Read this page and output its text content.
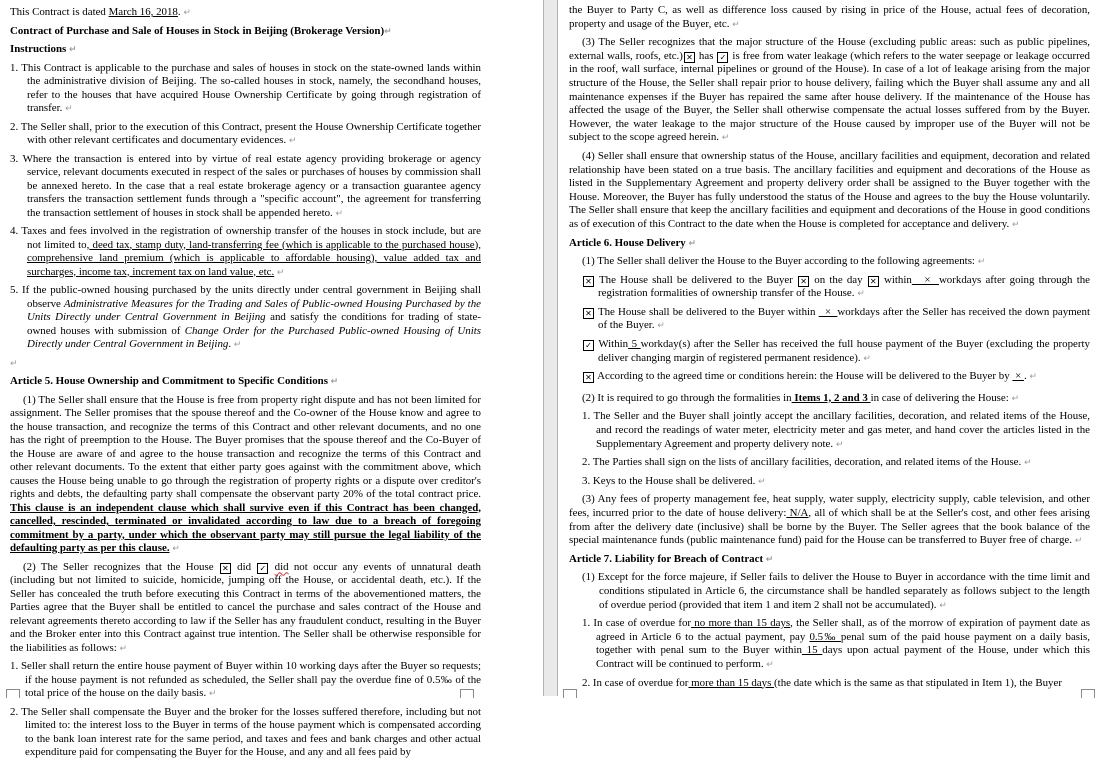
This Contract is dated March 16, 2018. ↵
Contract of Purchase and Sale of Houses in Stock in Beijing (Brokerage Version)↵
Instructions ↵
1. This Contract is applicable to the purchase and sales of houses in stock on the state-owned lands within the administrative division of Beijing. The so-called houses in stock, namely, the secondhand houses, refer to the houses that have acquired House Ownership Certificate by going through registration of transfer. ↵
2. The Seller shall, prior to the execution of this Contract, present the House Ownership Certificate together with other relevant certificates and documentary evidences. ↵
3. Where the transaction is entered into by virtue of real estate agency providing brokerage or agency service, relevant documents executed in respect of the sales or purchases of houses by commission shall be annexed hereto. In the case that a real estate brokerage agency or a transaction guarantee agency transfers the transaction settlement funds through a "specific account", the agreement for transferring the transaction settlement of houses in stock shall be appended hereto. ↵
4. Taxes and fees involved in the registration of ownership transfer of the houses in stock include, but are not limited to, deed tax, stamp duty, land-transferring fee (which is applicable to the purchased house), comprehensive land premium (which is applicable to affordable housing), value added tax and surcharges, income tax, increment tax on land value, etc. ↵
5. If the public-owned housing purchased by the units directly under central government in Beijing shall observe Administrative Measures for the Trading and Sales of Public-owned Housing Purchased by the Units Directly under Central Government in Beijing and satisfy the conditions for trading of state-owned houses with submission of Change Order for the Purchased Public-owned Housing of Units Directly under Central Government in Beijing. ↵
↵
Article 5. House Ownership and Commitment to Specific Conditions ↵
(1) The Seller shall ensure that the House is free from property right dispute and has not been limited for assignment. The Seller promises that the spouse thereof and the Co-owner of the House know and agree to the house transaction, and recognize the terms of this Contract and other relevant documents, and no one has the right of preemption to the House. The Buyer promises that the spouse thereof and the Co-Buyer of the House are aware of and agree to the house transaction and recognize the terms of this Contract and other relevant documents. To the extent that either party goes against with the commitment above, which causes the House being unable to go through the registration of property rights or a dispute over creditor's rights and debts, the defaulting party shall compensate the observant party 20% of the total contract price. This clause is an independent clause which shall survive even if this Contract has been changed, cancelled, rescinded, terminated or invalidated according to law due to a breach of foregoing commitment by a party, under which the observant party may still pursue the legal liability of the defaulting party as per this clause. ↵
(2) The Seller recognizes that the House ✕ did ✓ did not occur any events of unnatural death (including but not limited to suicide, homicide, jumping off the House, or accidental death, etc.). If the Seller has concealed the truth before executing this Contract in terms of the abovementioned matters, the Parties agree that the Buyer shall be entitled to cancel the purchase and sales contract of the House and relevant agreements thereto according to law if the Seller has any fraudulent conduct, resulting in the Buyer and the Broker enter into this Contract against true intention. The Seller shall be otherwise responsible for the liabilities as follows: ↵
1. Seller shall return the entire house payment of Buyer within 10 working days after the Buyer so requests; if the house payment is not refunded as scheduled, the Seller shall pay the overdue fine of 0.5‰ of the total price of the house on the daily basis. ↵
2. The Seller shall compensate the Buyer and the broker for the losses suffered therefore, including but not limited to: the interest loss to the Buyer in terms of the house payment which is compensated according to the bank loan interest rate for the same period, and taxes and fees and bank charges and other actual expenditure paid for compensating the Buyer for the House, and any and all fees paid by
the Buyer to Party C, as well as difference loss caused by rising in price of the House, actual fees of decoration, property and usage of the Buyer, etc. ↵
(3) The Seller recognizes that the major structure of the House (excluding public areas: such as public pipelines, external walls, roofs, etc.) ✕ has ✓ is free from water leakage (which refers to the water seepage or leakage occurred in the roof, wall surface, internal pipelines or ground of the House). In case of a lot of leakage arising from the major structure of the House, the Seller shall repair prior to house delivery, failing which the Buyer shall assume any and all maintenance expenses if the Buyer has repaired the same after house delivery. If the maintenance of the House has affected the usage of the Buyer, the Seller shall otherwise compensate the actual losses suffered from by the Buyer. However, the water leakage to the major structure of the House caused by improper use of the Buyer will not be subject to the scope agreed herein. ↵
(4) Seller shall ensure that ownership status of the House, ancillary facilities and equipment, decoration and related relationship have been stated on a true basis. The ancillary facilities and equipment and decorations of the House as listed in the Supplementary Agreement and property delivery order shall be assigned to the Buyer together with the House. Moreover, the Buyer has fully understood the status of the House and agrees to the buy the House voluntarily. The Seller shall ensure that keep the ancillary facilities and equipment and decorations of the House in good conditions as of execution of this Contract to the date when the House is completed for acceptance and delivery. ↵
Article 6. House Delivery ↵
(1) The Seller shall deliver the House to the Buyer according to the following agreements: ↵
✕ The House shall be delivered to the Buyer ✕ on the day ✕ within   ×  workdays after going through the registration formalities of ownership transfer of the House. ↵
✕ The House shall be delivered to the Buyer within   ×  workdays after the Seller has received the down payment of the Buyer. ↵
✓ Within 5 workday(s) after the Seller has received the full house payment of the Buyer (excluding the property deliver changing margin of registered permanent residence). ↵
✕ According to the agreed time or conditions herein: the House will be delivered to the Buyer by  × . ↵
(2) It is required to go through the formalities in Items 1, 2 and 3 in case of delivering the House: ↵
1. The Seller and the Buyer shall jointly accept the ancillary facilities, decoration, and related items of the House, and record the readings of water meter, electricity meter and gas meter, and hand cover the articles listed in the Supplementary Agreement and property delivery note. ↵
2. The Parties shall sign on the lists of ancillary facilities, decoration, and related items of the House. ↵
3. Keys to the House shall be delivered. ↵
(3) Any fees of property management fee, heat supply, water supply, electricity supply, cable television, and other fees, incurred prior to the date of house delivery: N/A, all of which shall be at the Seller's cost, and other fees arising from after the delivery date (inclusive) shall be borne by the Buyer. The Seller agrees that the book balance of the special maintenance funds (public maintenance fund) paid for the House can be transferred to Buyer free of charge. ↵
Article 7. Liability for Breach of Contract ↵
(1) Except for the force majeure, if Seller fails to deliver the House to Buyer in accordance with the time limit and conditions stipulated in Article 6, the circumstance shall be handled separately as follows subject to the length of overdue period (provided that item 1 and item 2 shall not be accumulated). ↵
1. In case of overdue for no more than 15 days, the Seller shall, as of the morrow of expiration of payment date as agreed in Article 6 to the actual payment, pay 0.5‰ penal sum of the paid house payment on a daily basis, together with penal sum to the Buyer within 15 days upon actual payment of the House, under which this Contract will be continued to perform. ↵
2. In case of overdue for more than 15 days (the date which is the same as that stipulated in Item 1), the Buyer
